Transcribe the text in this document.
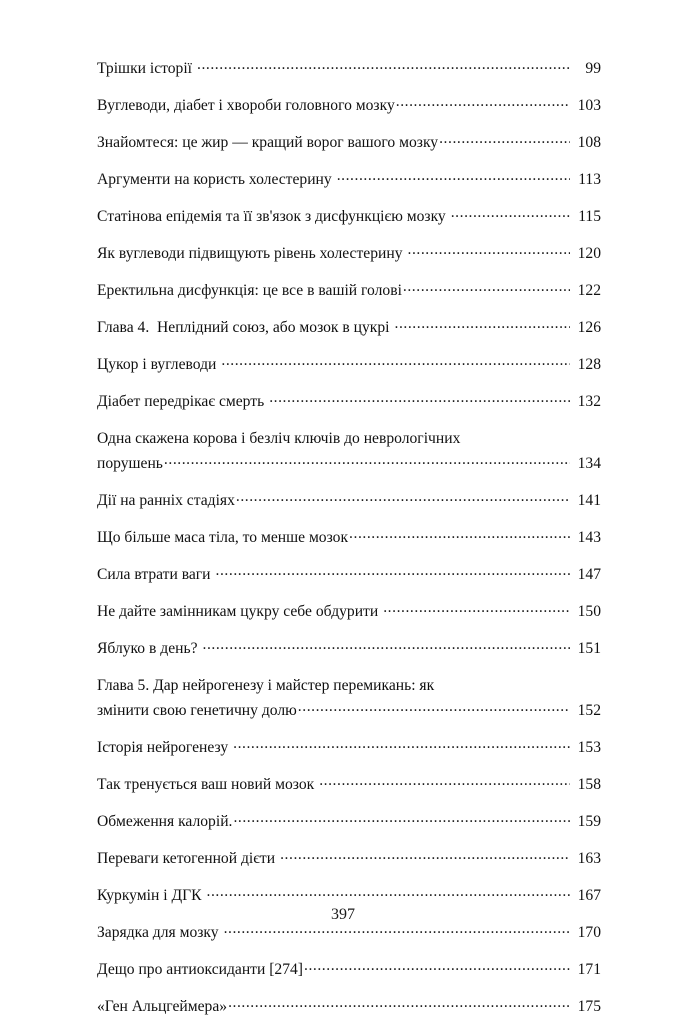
Трішки історії .....	99
Вуглеводи, діабет і хвороби головного мозку .....	103
Знайомтеся: це жир — кращий ворог вашого мозку .....	108
Аргументи на користь холестерину .....	113
Статінова епідемія та її зв'язок з дисфункцією мозку .....	115
Як вуглеводи підвищують рівень холестерину .....	120
Еректильна дисфункція: це все в вашій голові .....	122
Глава 4.  Неплідний союз, або мозок в цукрі .....	126
Цукор і вуглеводи .....	128
Діабет передрікає смерть .....	132
Одна скажена корова і безліч ключів до неврологічних
порушень .....	134
Дії на ранніх стадіях .....	141
Що більше маса тіла, то менше мозок .....	143
Сила втрати ваги .....	147
Не дайте замінникам цукру себе обдурити .....	150
Яблуко в день? .....	151
Глава 5. Дар нейрогенезу і майстер перемикань: як
змінити свою генетичну долю .....	152
Історія нейрогенезу .....	153
Так тренується ваш новий мозок .....	158
Обмеження калорій. .....	159
Переваги кетогенной дієти .....	163
Куркумін і ДГК .....	167
Зарядка для мозку .....	170
Дещо про антиоксиданти [274] .....	171
«Ген Альцгеймера» .....	175
397
